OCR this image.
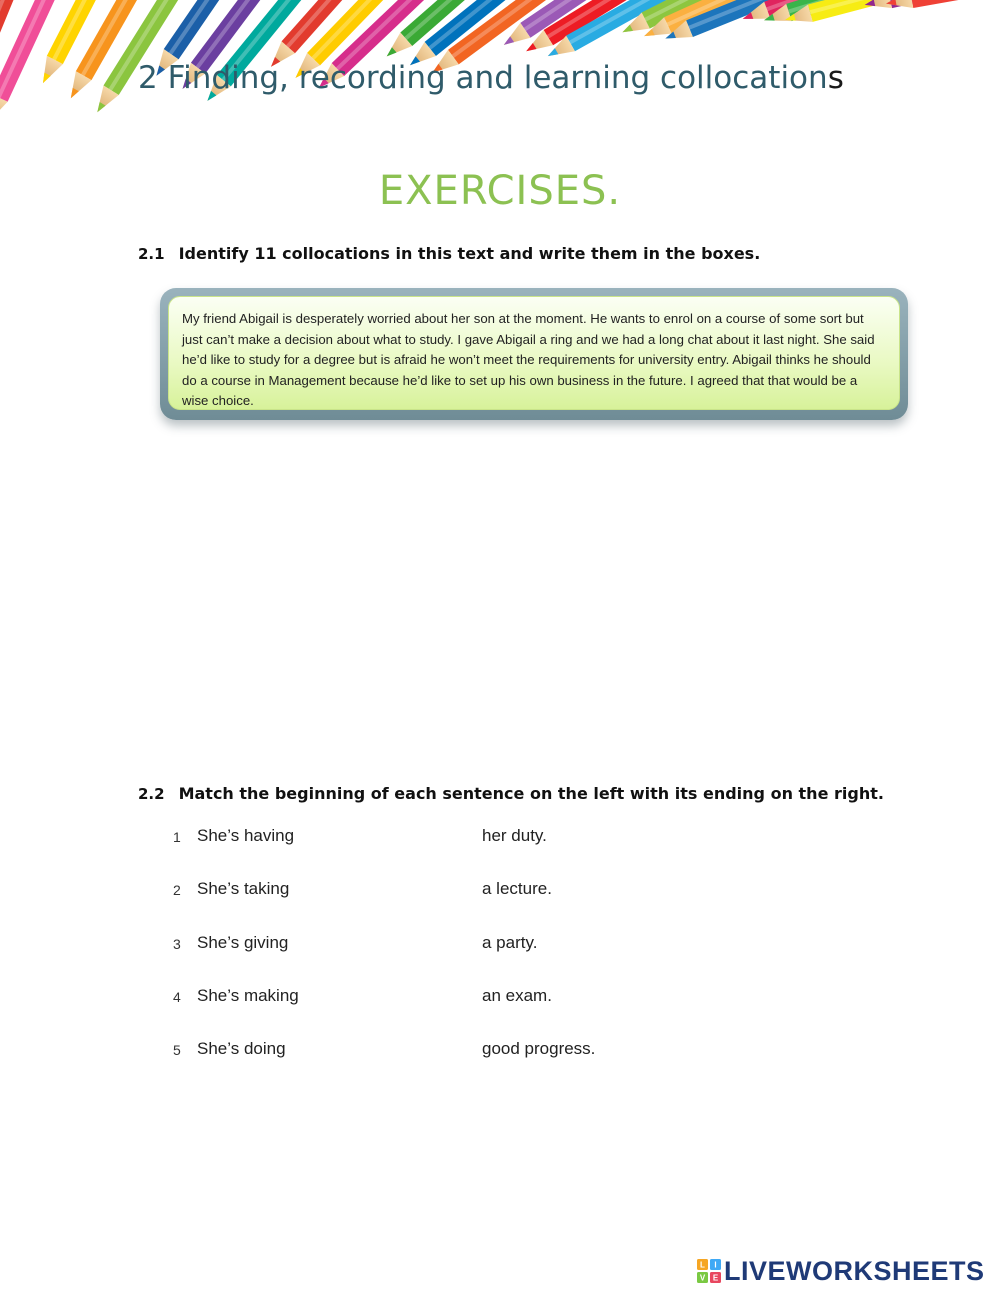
2 Finding, recording and learning collocations
EXERCISES.
2.1 Identify 11 collocations in this text and write them in the boxes.

My friend Abigail is desperately worried about her son at the moment. He wants to enrol on a course of some sort but just can’t make a decision about what to study. I gave Abigail a ring and we had a long chat about it last night. She said he’d like to study for a degree but is afraid he won’t meet the requirements for university entry. Abigail thinks he should do a course in Management because he’d like to set up his own business in the future. I agreed that that would be a wise choice.

2.2 Match the beginning of each sentence on the left with its ending on the right.
1 She’s having	her duty.
2 She’s taking	a lecture.
3 She’s giving	a party.
4 She’s making	an exam.
5 She’s doing	good progress.
L I
V E LIVEWORKSHEETS
